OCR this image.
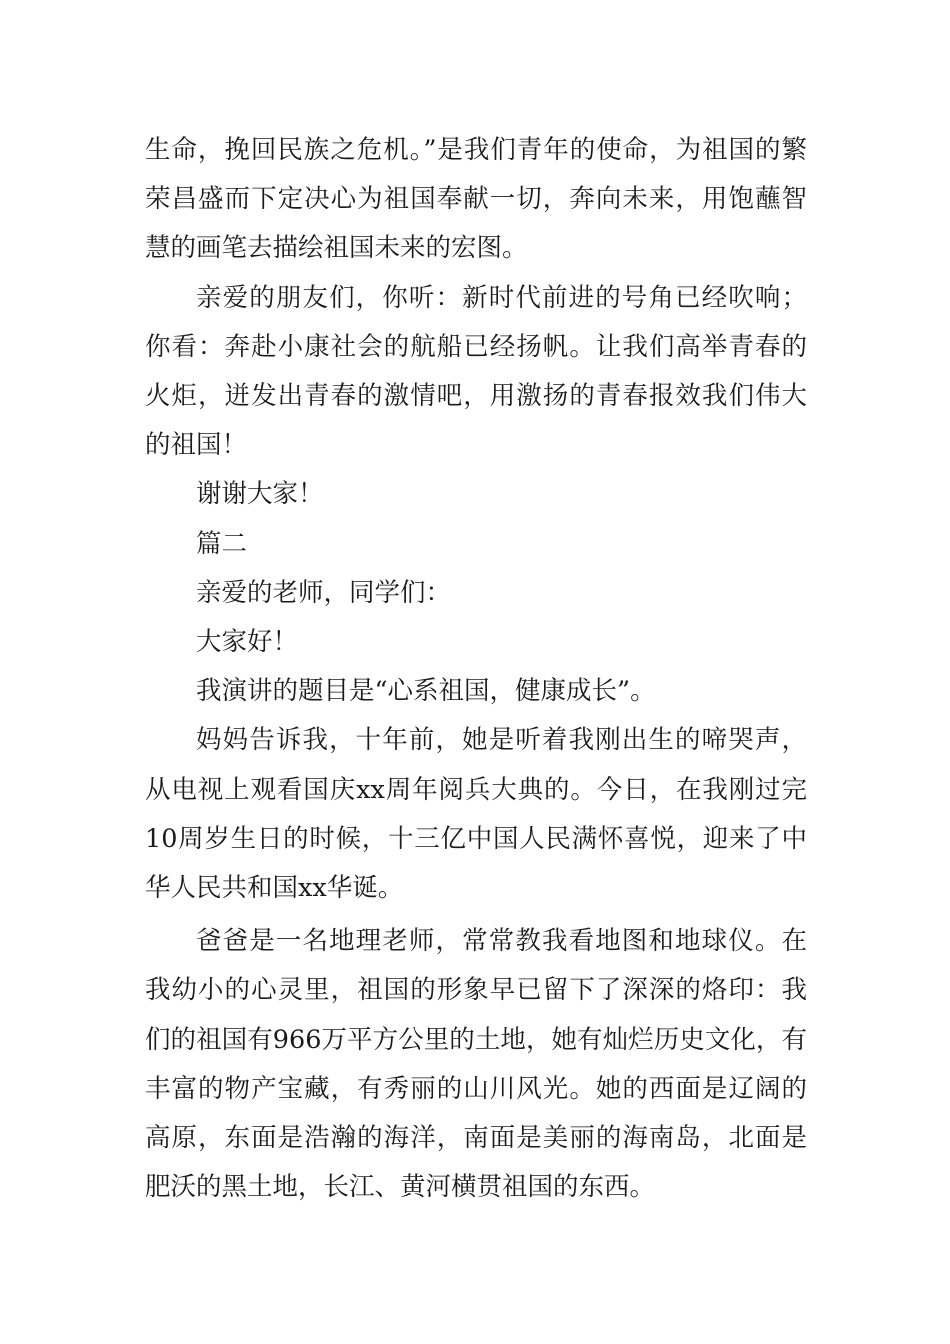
生命，挽回民族之危机。”是我们青年的使命，为祖国的繁荣昌盛而下定决心为祖国奉献一切，奔向未来，用饱蘸智慧的画笔去描绘祖国未来的宏图。

亲爱的朋友们，你听：新时代前进的号角已经吹响；你看：奔赴小康社会的航船已经扬帆。让我们高举青春的火炬，迸发出青春的激情吧，用激扬的青春报效我们伟大的祖国！

谢谢大家！

篇二

亲爱的老师，同学们：

大家好！

我演讲的题目是“心系祖国，健康成长”。

妈妈告诉我，十年前，她是听着我刚出生的啼哭声，从电视上观看国庆xx周年阅兵大典的。今日，在我刚过完10周岁生日的时候，十三亿中国人民满怀喜悦，迎来了中华人民共和国xx华诞。

爸爸是一名地理老师，常常教我看地图和地球仪。在我幼小的心灵里，祖国的形象早已留下了深深的烙印：我们的祖国有966万平方公里的土地，她有灿烂历史文化，有丰富的物产宝藏，有秀丽的山川风光。她的西面是辽阔的高原，东面是浩瀚的海洋，南面是美丽的海南岛，北面是肥沃的黑土地，长江、黄河横贯祖国的东西。
